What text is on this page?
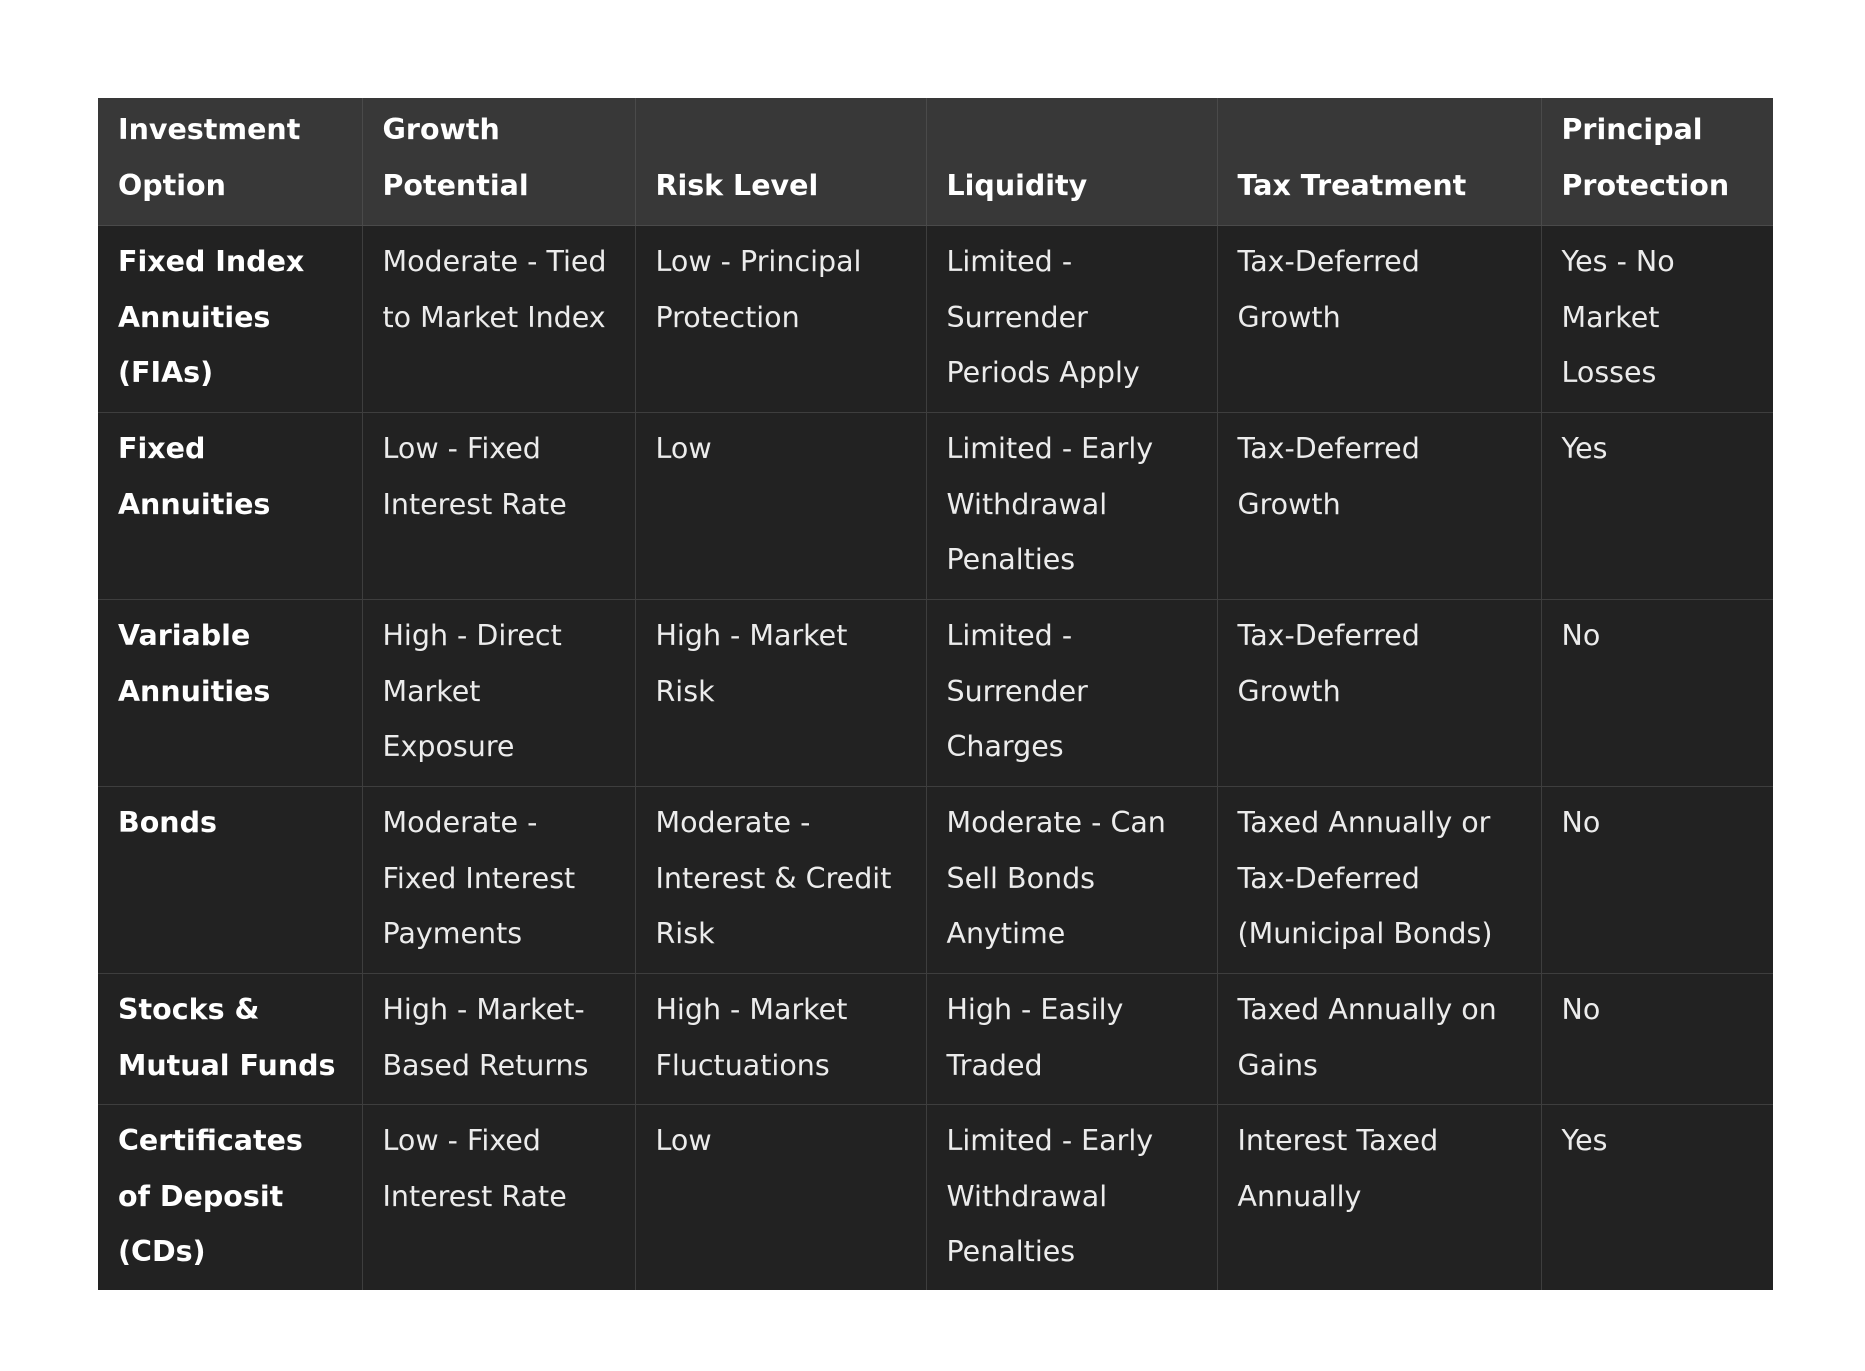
Investment Option	Growth Potential	Risk Level	Liquidity	Tax Treatment	Principal Protection
Fixed Index Annuities (FIAs)	Moderate - Tied to Market Index	Low - Principal Protection	Limited - Surrender Periods Apply	Tax-Deferred Growth	Yes - No Market Losses
Fixed Annuities	Low - Fixed Interest Rate	Low	Limited - Early Withdrawal Penalties	Tax-Deferred Growth	Yes
Variable Annuities	High - Direct Market Exposure	High - Market Risk	Limited - Surrender Charges	Tax-Deferred Growth	No
Bonds	Moderate - Fixed Interest Payments	Moderate - Interest & Credit Risk	Moderate - Can Sell Bonds Anytime	Taxed Annually or Tax-Deferred (Municipal Bonds)	No
Stocks & Mutual Funds	High - Market-Based Returns	High - Market Fluctuations	High - Easily Traded	Taxed Annually on Gains	No
Certificates of Deposit (CDs)	Low - Fixed Interest Rate	Low	Limited - Early Withdrawal Penalties	Interest Taxed Annually	Yes
